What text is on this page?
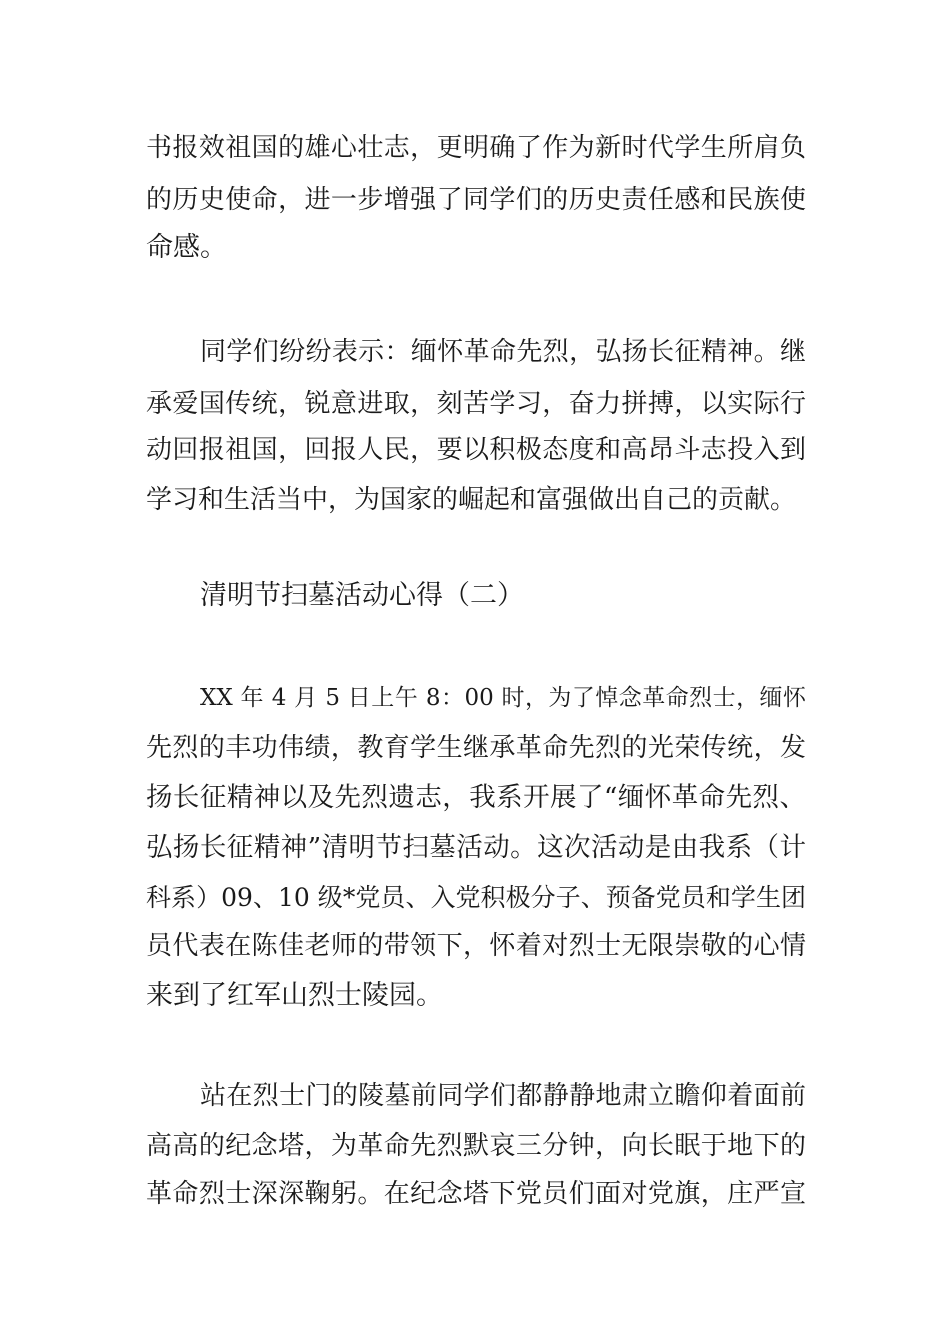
书报效祖国的雄心壮志，更明确了作为新时代学生所肩负
的历史使命，进一步增强了同学们的历史责任感和民族使
命感。
同学们纷纷表示：缅怀革命先烈，弘扬长征精神。继
承爱国传统，锐意进取，刻苦学习，奋力拼搏，以实际行
动回报祖国，回报人民，要以积极态度和高昂斗志投入到
学习和生活当中，为国家的崛起和富强做出自己的贡献。
清明节扫墓活动心得（二）
XX 年 4 月 5 日上午 8：00 时，为了悼念革命烈士，缅怀
先烈的丰功伟绩，教育学生继承革命先烈的光荣传统，发
扬长征精神以及先烈遗志，我系开展了“缅怀革命先烈、
弘扬长征精神”清明节扫墓活动。这次活动是由我系（计
科系）09、10 级*党员、入党积极分子、预备党员和学生团
员代表在陈佳老师的带领下，怀着对烈士无限崇敬的心情
来到了红军山烈士陵园。
站在烈士门的陵墓前同学们都静静地肃立瞻仰着面前
高高的纪念塔，为革命先烈默哀三分钟，向长眠于地下的
革命烈士深深鞠躬。在纪念塔下党员们面对党旗，庄严宣
